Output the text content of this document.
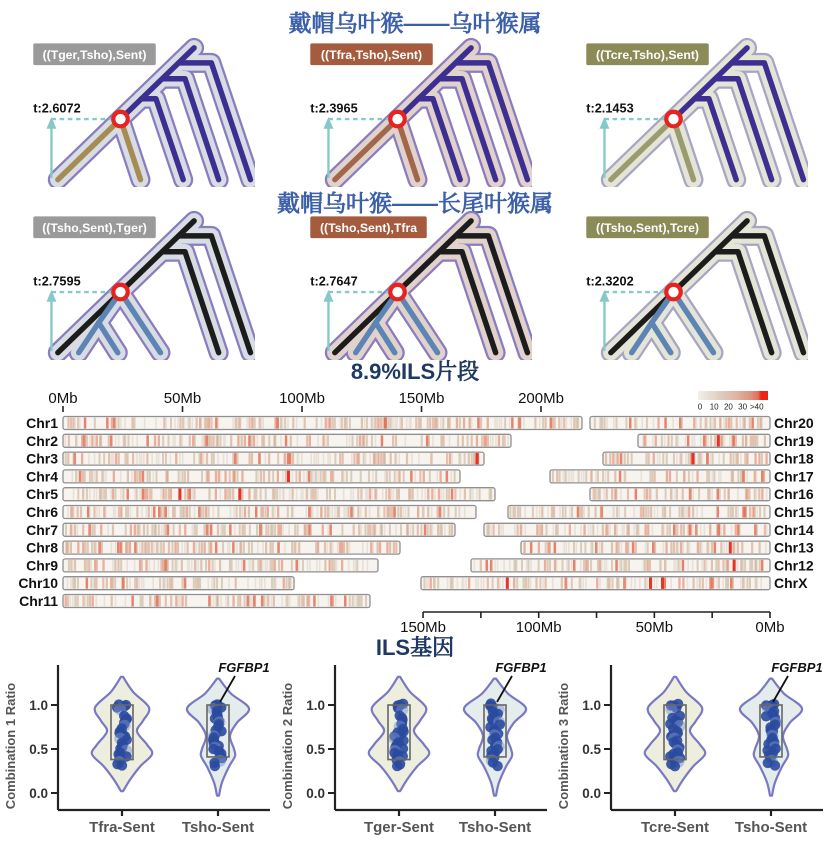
戴帽乌叶猴——乌叶猴属
t:2.6072
((Tger,Tsho),Sent)
t:2.3965
((Tfra,Tsho),Sent)
t:2.1453
((Tcre,Tsho),Sent)
戴帽乌叶猴——长尾叶猴属
t:2.7595
((Tsho,Sent),Tger)
t:2.7647
((Tsho,Sent),Tfra
t:2.3202
((Tsho,Sent),Tcre)
8.9%ILS片段
0Mb	50Mb	100Mb	150Mb	200Mb	0 10 20 30 >40
Chr1	Chr20
Chr2	Chr19
Chr3	Chr18
Chr4	Chr17
Chr5	Chr16
Chr6	Chr15
Chr7	Chr14
Chr8	Chr13
Chr9	Chr12
Chr10	ChrX
Chr11
150Mb	100Mb	50Mb	0Mb
ILS基因
0.0
0.5
1.0
Combination 1 Ratio
FGFBP1
Tfra-Sent Tsho-Sent
0.0
0.5
1.0
Combination 2 Ratio
FGFBP1
Tger-Sent Tsho-Sent
0.0
0.5
1.0
Combination 3 Ratio
FGFBP1
Tcre-Sent Tsho-Sent
